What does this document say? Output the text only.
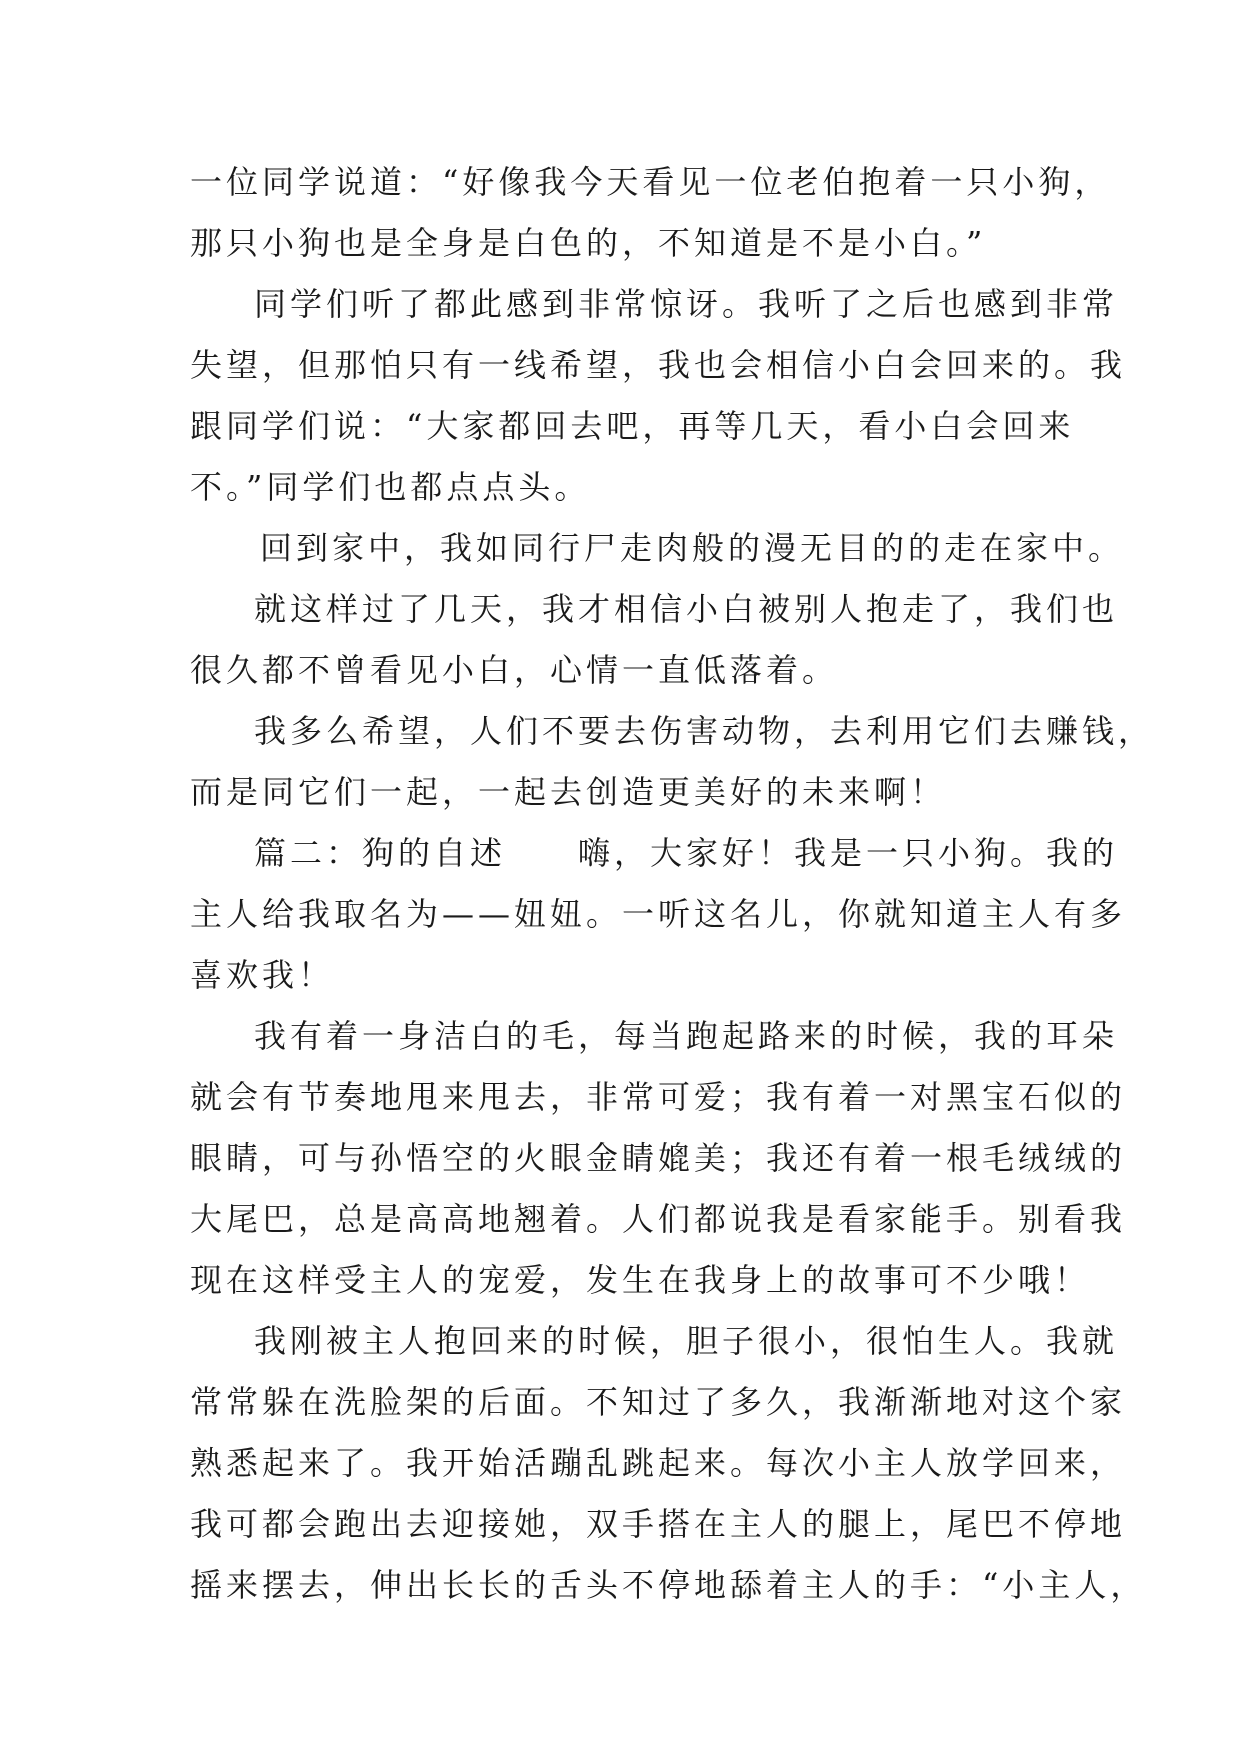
一位同学说道：“好像我今天看见一位老伯抱着一只小狗，
那只小狗也是全身是白色的，不知道是不是小白。”
同学们听了都此感到非常惊讶。我听了之后也感到非常
失望，但那怕只有一线希望，我也会相信小白会回来的。我
跟同学们说：“大家都回去吧，再等几天，看小白会回来
不。”同学们也都点点头。
回到家中，我如同行尸走肉般的漫无目的的走在家中。
就这样过了几天，我才相信小白被别人抱走了，我们也
很久都不曾看见小白，心情一直低落着。
我多么希望，人们不要去伤害动物，去利用它们去赚钱，
而是同它们一起，一起去创造更美好的未来啊！
篇二：狗的自述　　嗨，大家好！我是一只小狗。我的
主人给我取名为——妞妞。一听这名儿，你就知道主人有多
喜欢我！
我有着一身洁白的毛，每当跑起路来的时候，我的耳朵
就会有节奏地甩来甩去，非常可爱；我有着一对黑宝石似的
眼睛，可与孙悟空的火眼金睛媲美；我还有着一根毛绒绒的
大尾巴，总是高高地翘着。人们都说我是看家能手。别看我
现在这样受主人的宠爱，发生在我身上的故事可不少哦！
我刚被主人抱回来的时候，胆子很小，很怕生人。我就
常常躲在洗脸架的后面。不知过了多久，我渐渐地对这个家
熟悉起来了。我开始活蹦乱跳起来。每次小主人放学回来，
我可都会跑出去迎接她，双手搭在主人的腿上，尾巴不停地
摇来摆去，伸出长长的舌头不停地舔着主人的手：“小主人，
